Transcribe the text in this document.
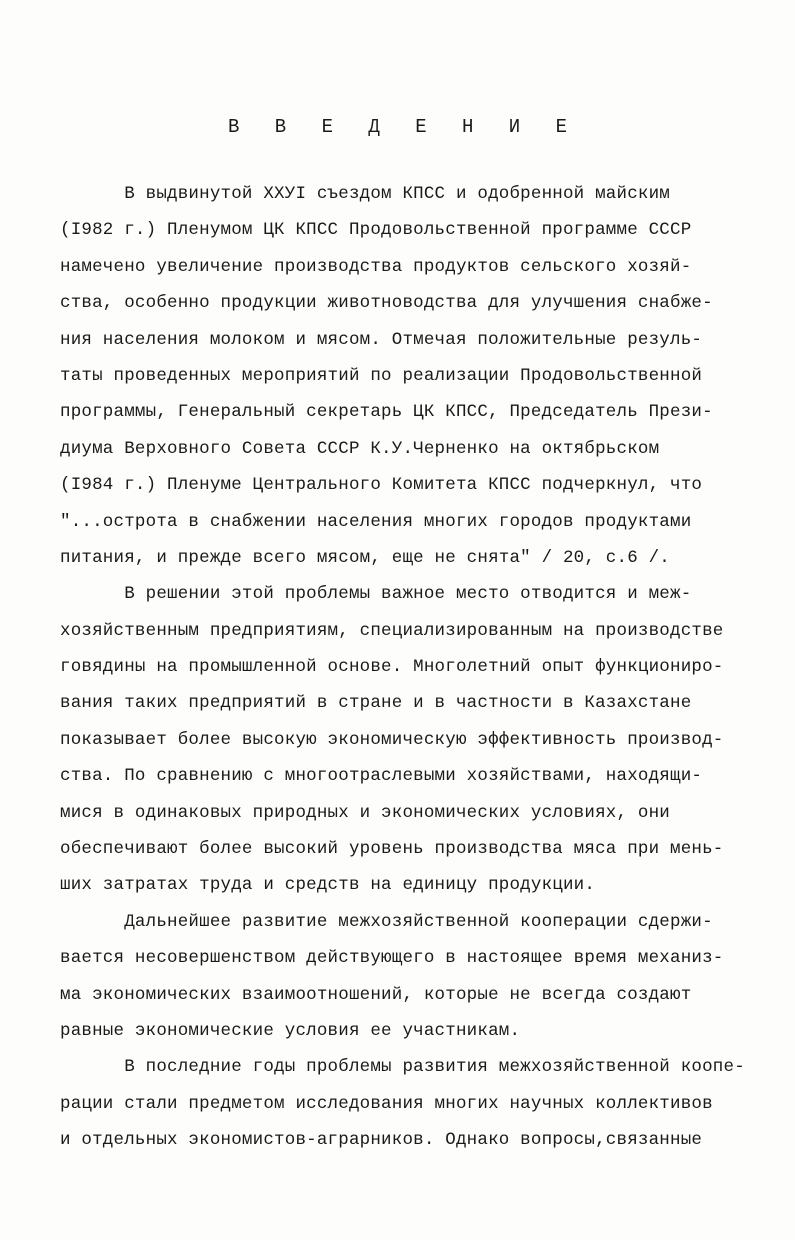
В В Е Д Е Н И Е
В выдвинутой ХХУI съездом КПСС и одобренной майским
(I982 г.) Пленумом ЦК КПСС Продовольственной программе СССР
намечено увеличение производства продуктов сельского хозяй-
ства, особенно продукции животноводства для улучшения снабже-
ния населения молоком и мясом. Отмечая положительные резуль-
таты проведенных мероприятий по реализации Продовольственной
программы, Генеральный секретарь ЦК КПСС, Председатель Прези-
диума Верховного Совета СССР К.У.Черненко на октябрьском
(I984 г.) Пленуме Центрального Комитета КПСС подчеркнул, что
"...острота в снабжении населения многих городов продуктами
питания, и прежде всего мясом, еще не снята" / 20, с.6 /.
В решении этой проблемы важное место отводится и меж-
хозяйственным предприятиям, специализированным на производстве
говядины на промышленной основе. Многолетний опыт функциониро-
вания таких предприятий в стране и в частности в Казахстане
показывает более высокую экономическую эффективность производ-
ства. По сравнению с многоотраслевыми хозяйствами, находящи-
мися в одинаковых природных и экономических условиях, они
обеспечивают более высокий уровень производства мяса при мень-
ших затратах труда и средств на единицу продукции.
Дальнейшее развитие межхозяйственной кооперации сдержи-
вается несовершенством действующего в настоящее время механиз-
ма экономических взаимоотношений, которые не всегда создают
равные экономические условия ее участникам.
В последние годы проблемы развития межхозяйственной коопе-
рации стали предметом исследования многих научных коллективов
и отдельных экономистов-аграрников. Однако вопросы,связанные
